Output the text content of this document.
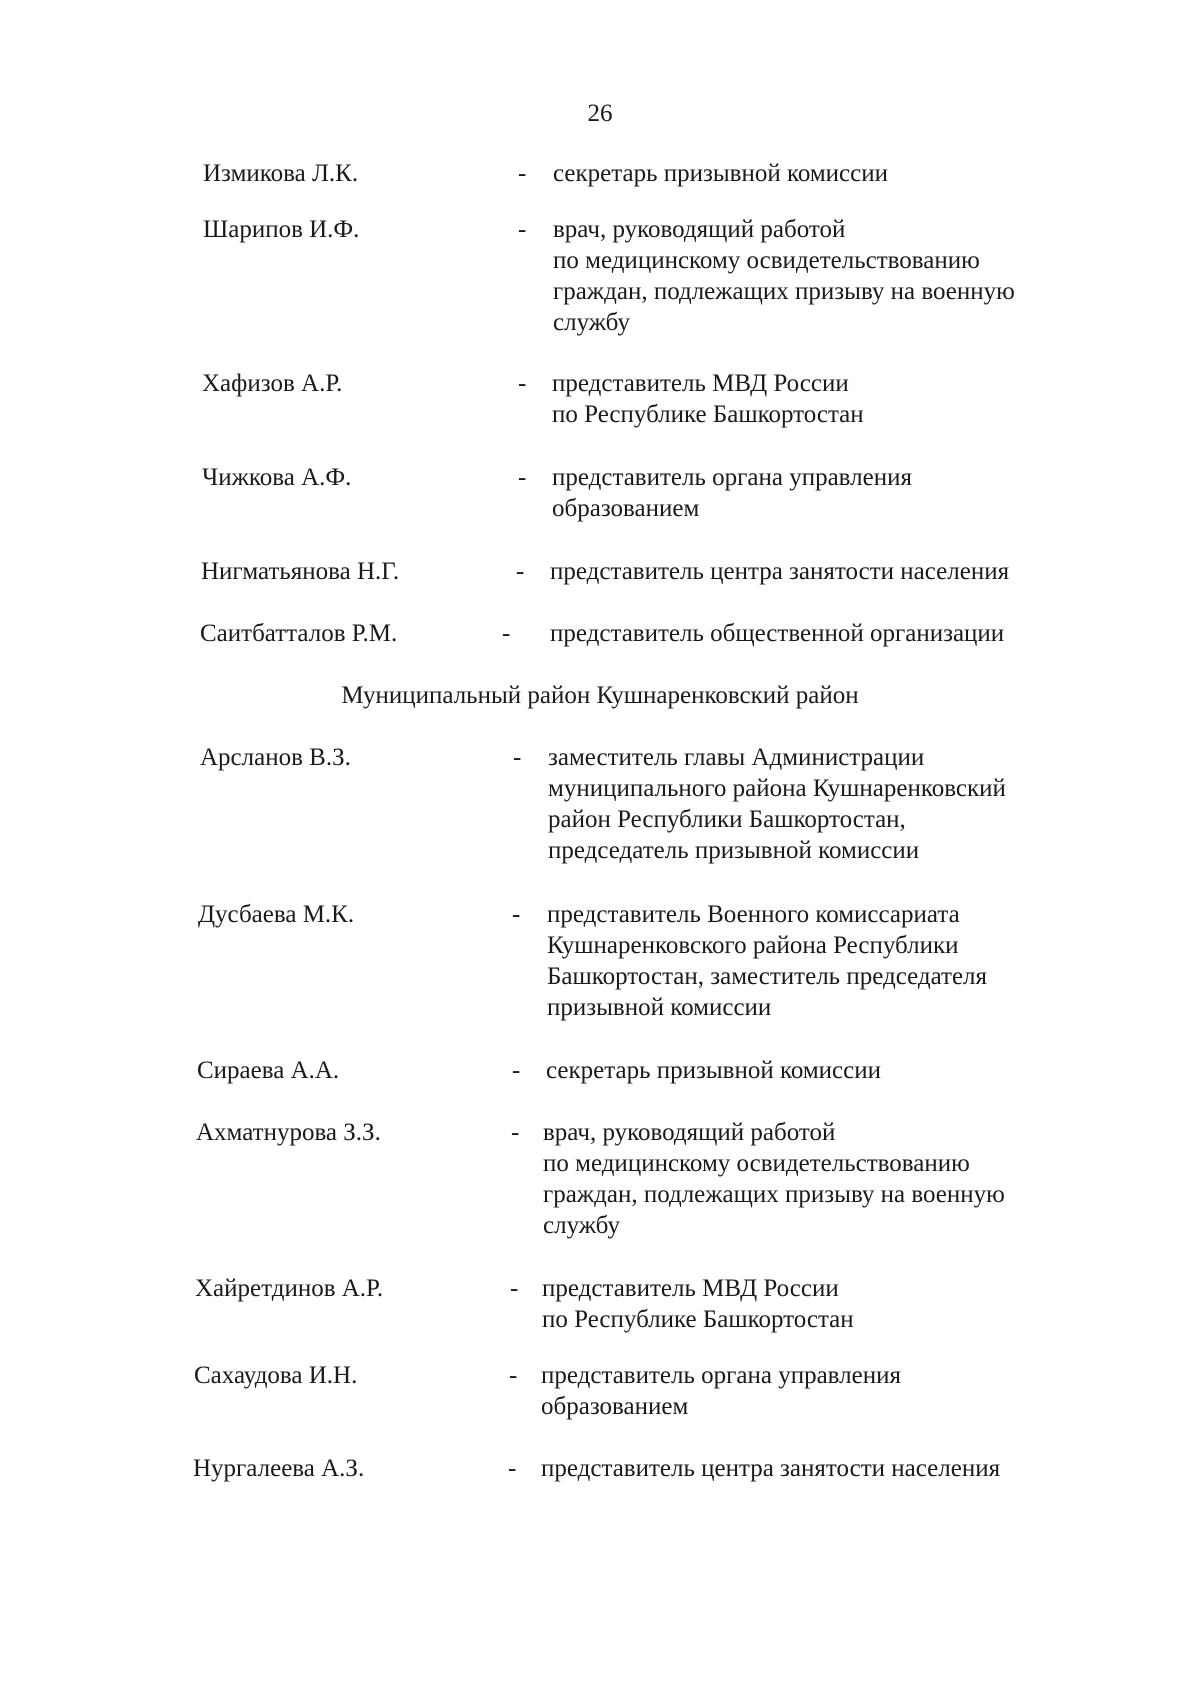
26
Измикова Л.К.	- секретарь призывной комиссии
Шарипов И.Ф.	- врач, руководящий работой
по медицинскому освидетельствованию
граждан, подлежащих призыву на военную
службу
Хафизов А.Р.	- представитель МВД России
по Республике Башкортостан
Чижкова А.Ф.	- представитель органа управления
образованием
Нигматьянова Н.Г.	- представитель центра занятости населения
Саитбатталов Р.М.	- представитель общественной организации
Муниципальный район Кушнаренковский район
Арсланов В.З.	- заместитель главы Администрации
муниципального района Кушнаренковский
район Республики Башкортостан,
председатель призывной комиссии
Дусбаева М.К.	- представитель Военного комиссариата
Кушнаренковского района Республики
Башкортостан, заместитель председателя
призывной комиссии
Сираева А.А.	- секретарь призывной комиссии
Ахматнурова З.З.	- врач, руководящий работой
по медицинскому освидетельствованию
граждан, подлежащих призыву на военную
службу
Хайретдинов А.Р.	- представитель МВД России
по Республике Башкортостан
Сахаудова И.Н.	- представитель органа управления
образованием
Нургалеева А.З.	- представитель центра занятости населения
